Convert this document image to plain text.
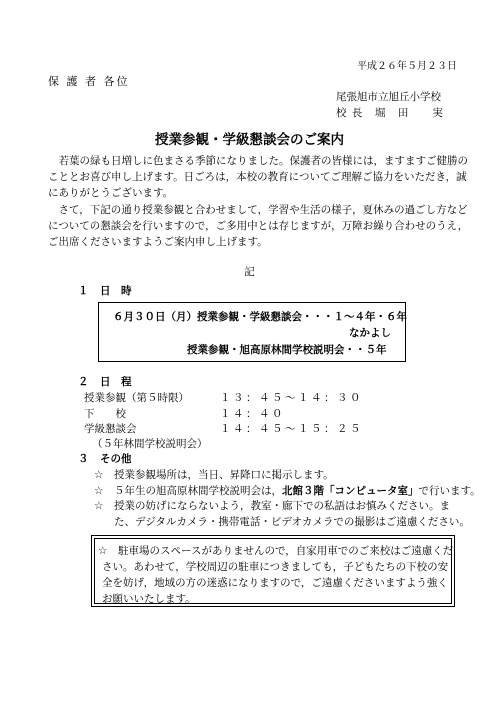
平成２６年５月２３日
保 護 者 各位
尾張旭市立旭丘小学校
校 長　堀　田　　実
授業参観・学級懇談会のご案内
　若葉の緑も日増しに色まさる季節になりました。保護者の皆様には，ますますご健勝の
こととお喜び申し上げます。日ごろは，本校の教育についてご理解ご協力をいただき，誠
にありがとうございます。
　さて，下記の通り授業参観と合わせまして，学習や生活の様子，夏休みの過ごし方など
についての懇談会を行いますので，ご多用中とは存じますが，万障お繰り合わせのうえ，
ご出席くださいますようご案内申し上げます。
記
１ 日　時
６月３０日（月）授業参観・学級懇談会・・・１～４年・６年
なかよし
授業参観・旭高原林間学校説明会・・５年
２ 日　程
授業参観（第５時限）	１３：４５～１４：３０
下　　校	１４：４０
学級懇談会	１４：４５～１５：２５
（５年林間学校説明会）
３ その他
☆ 授業参観場所は，当日、昇降口に掲示します。
☆ ５年生の旭高原林間学校説明会は，北館３階「コンピュータ室」で行います。
☆ 授業の妨げにならないよう，教室・廊下での私語はお慎みください。ま
た、デジタルカメラ・携帯電話・ビデオカメラでの撮影はご遠慮ください。
☆ 駐車場のスペースがありませんので，自家用車でのご来校はご遠慮くだ
さい。あわせて，学校周辺の駐車につきましても，子どもたちの下校の安
全を妨げ，地域の方の迷惑になりますので，ご遠慮くださいますよう強く
お願いいたします。
